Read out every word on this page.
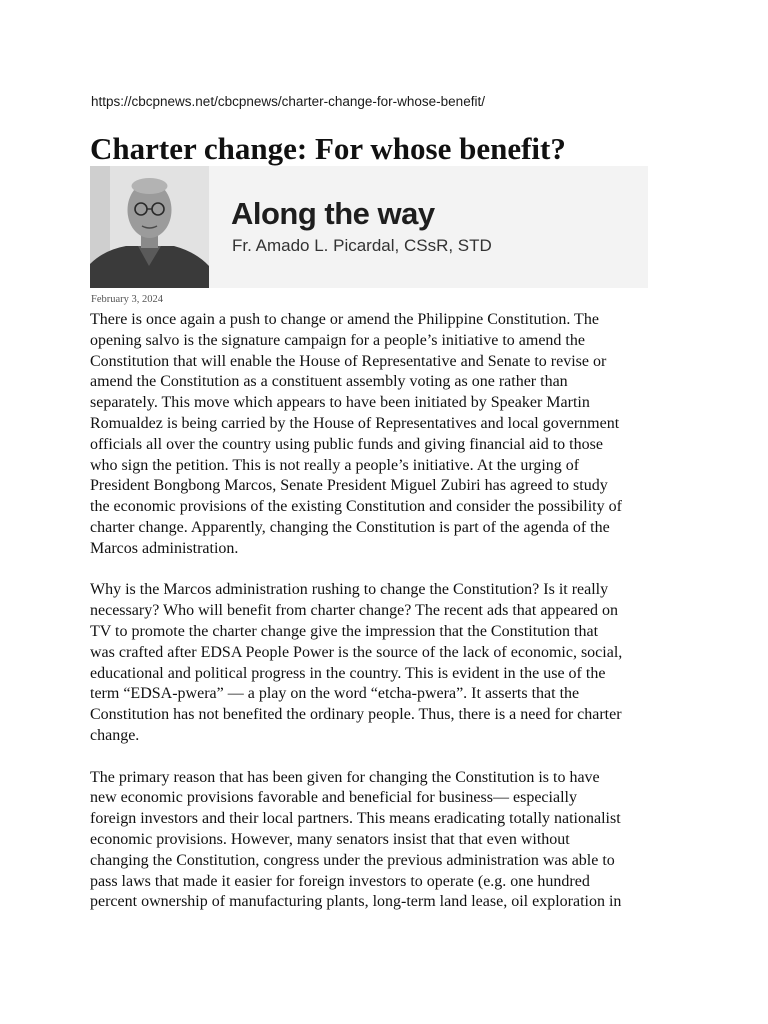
https://cbcpnews.net/cbcpnews/charter-change-for-whose-benefit/
Charter change: For whose benefit?
Along the way
Fr. Amado L. Picardal, CSsR, STD
February 3, 2024

There is once again a push to change or amend the Philippine Constitution. The
opening salvo is the signature campaign for a people’s initiative to amend the
Constitution that will enable the House of Representative and Senate to revise or
amend the Constitution as a constituent assembly voting as one rather than
separately. This move which appears to have been initiated by Speaker Martin
Romualdez is being carried by the House of Representatives and local government
officials all over the country using public funds and giving financial aid to those
who sign the petition. This is not really a people’s initiative. At the urging of
President Bongbong Marcos, Senate President Miguel Zubiri has agreed to study
the economic provisions of the existing Constitution and consider the possibility of
charter change. Apparently, changing the Constitution is part of the agenda of the
Marcos administration.

Why is the Marcos administration rushing to change the Constitution? Is it really
necessary? Who will benefit from charter change? The recent ads that appeared on
TV to promote the charter change give the impression that the Constitution that
was crafted after EDSA People Power is the source of the lack of economic, social,
educational and political progress in the country. This is evident in the use of the
term “EDSA-pwera” — a play on the word “etcha-pwera”. It asserts that the
Constitution has not benefited the ordinary people. Thus, there is a need for charter
change.

The primary reason that has been given for changing the Constitution is to have
new economic provisions favorable and beneficial for business— especially
foreign investors and their local partners. This means eradicating totally nationalist
economic provisions. However, many senators insist that that even without
changing the Constitution, congress under the previous administration was able to
pass laws that made it easier for foreign investors to operate (e.g. one hundred
percent ownership of manufacturing plants, long-term land lease, oil exploration in
